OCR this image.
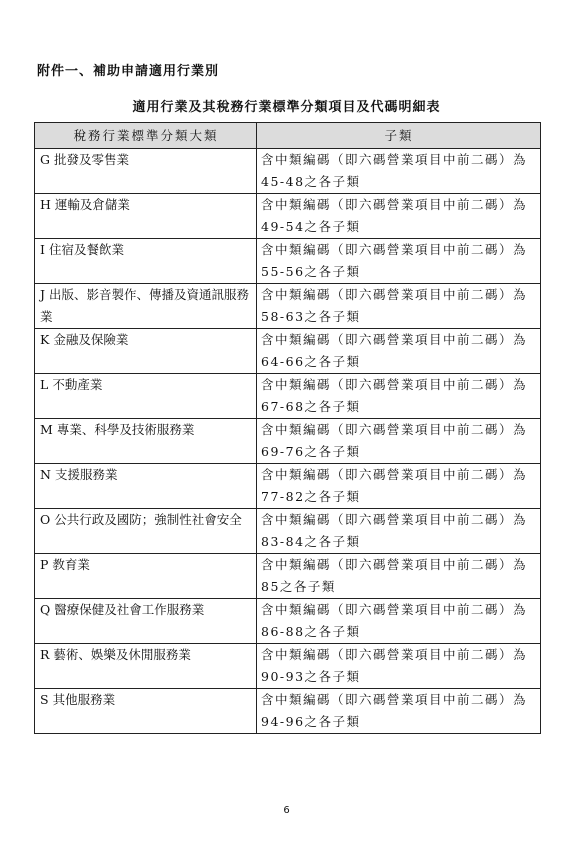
附件一、補助申請適用行業別
適用行業及其稅務行業標準分類項目及代碼明細表
稅務行業標準分類大類	子類

G 批發及零售業	含中類編碼（即六碼營業項目中前二碼）為45-48之各子類

H 運輸及倉儲業	含中類編碼（即六碼營業項目中前二碼）為49-54之各子類

I 住宿及餐飲業	含中類編碼（即六碼營業項目中前二碼）為55-56之各子類

J 出版、影音製作、傳播及資通訊服務業	含中類編碼（即六碼營業項目中前二碼）為58-63之各子類

K 金融及保險業	含中類編碼（即六碼營業項目中前二碼）為64-66之各子類

L 不動產業	含中類編碼（即六碼營業項目中前二碼）為67-68之各子類

M 專業、科學及技術服務業	含中類編碼（即六碼營業項目中前二碼）為69-76之各子類

N 支援服務業	含中類編碼（即六碼營業項目中前二碼）為77-82之各子類

O 公共行政及國防；強制性社會安全	含中類編碼（即六碼營業項目中前二碼）為83-84之各子類

P 教育業	含中類編碼（即六碼營業項目中前二碼）為85之各子類

Q 醫療保健及社會工作服務業	含中類編碼（即六碼營業項目中前二碼）為86-88之各子類

R 藝術、娛樂及休閒服務業	含中類編碼（即六碼營業項目中前二碼）為90-93之各子類

S 其他服務業	含中類編碼（即六碼營業項目中前二碼）為94-96之各子類
6
